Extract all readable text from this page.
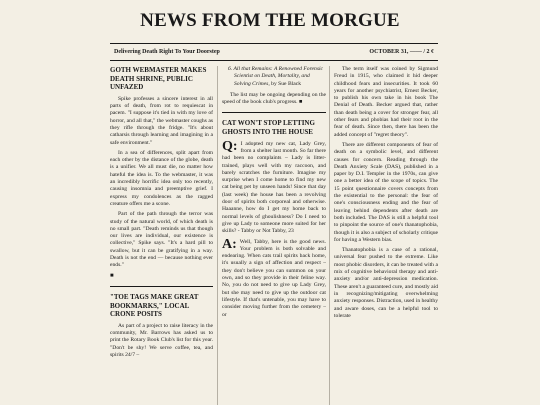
NEWS FROM THE MORGUE
Delivering Death Right To Your Doorstep	OCTOBER 31, —— / 2 ¢
GOTH WEBMASTER MAKES DEATH SHRINE, PUBLIC UNFAZED

Spike professes a sincere interest in all parts of death, from rot to requiescat in pacem. "I suppose it's tied in with my love of horror, and all that," the webmaster coughs as they rifle through the fridge. "It's about catharsis through learning and imagining in a safe environment."

In a sea of differences, split apart from each other by the distance of the globe, death is a unifier. We all must die, no matter how hateful the idea is. To the webmaster, it was an incredibly horrific idea only too recently, causing insomnia and preemptive grief. I express my condolences as the ragged creature offers me a scone.

Part of the path through the terror was study of the natural world, of which death is no small part. "Death reminds us that though our lives are individual, our existence is collective," Spike says. "It's a hard pill to swallow, but it can be gratifying in a way. Death is not the end — because nothing ever ends."

■
"TOE TAGS MAKE GREAT BOOKMARKS," LOCAL CRONE POSITS

As part of a project to raise literacy in the community, Mr. Barrows has asked us to print the Rotary Book Club's list for this year. "Don't be shy! We serve coffee, tea, and spirits 24/7 –

6. All that Remains: A Renowned Forensic Scientist on Death, Mortality, and Solving Crimes, by Sue Black

The list may be ongoing depending on the speed of the book club's progress. ■

CAT WON'T STOP LETTING GHOSTS INTO THE HOUSE

Q: I adopted my new cat, Lady Grey, from a shelter last month. So far there had been no complaints – Lady is litter-trained, plays well with my raccoon, and barely scratches the furniture. Imagine my surprise when I come home to find my new cat being pet by unseen hands! Since that day (last week) the house has been a revolving door of spirits both corporeal and otherwise. Haaanne, how do I get my home back to normal levels of ghoulishness? Do I need to give up Lady to someone more suited for her skills? - Tabby or Not Tabby, 23

A: Well, Tabby, here is the good news. Your problem is both solvable and endearing. When cats trail spirits back home, it's usually a sign of affection and respect – they don't believe you can summon on your own, and so they provide in their feline way. No, you do not need to give up Lady Grey, but she may need to give up the outdoor cat lifestyle. If that's untenable, you may have to consider moving further from the cemetery – or

The term itself was coined by Sigmund Freud in 1915, who claimed it hid deeper childhood fears and insecurities. It took 60 years for another psychiatrist, Ernest Becker, to publish his own take in his book The Denial of Death. Becker argued that, rather than death being a cover for stronger fear, all other fears and phobias had their root in the fear of death. Since then, there has been the added concept of "regret theory".

There are different components of fear of death on a symbolic level, and different causes for concern. Reading through the Death Anxiety Scale (DAS), published in a paper by D.I. Templer in the 1970s, can give one a better idea of the scope of topics. The 15 point questionnaire covers concepts from the existential to the personal: the fear of one's consciousness ending and the fear of leaving behind dependents after death are both included. The DAS is still a helpful tool to pinpoint the source of one's thanatophobia, though it is also a subject of scholarly critique for having a Western bias.

Thanatophobia is a case of a rational, universal fear pushed to the extreme. Like most phobic disorders, it can be treated with a mix of cognitive behavioral therapy and anti-anxiety and/or anti-depression medication. These aren't a guaranteed cure, and mostly aid in recognizing/mitigating overwhelming anxiety responses. Distraction, used in healthy and aware doses, can be a helpful tool to tolerate
